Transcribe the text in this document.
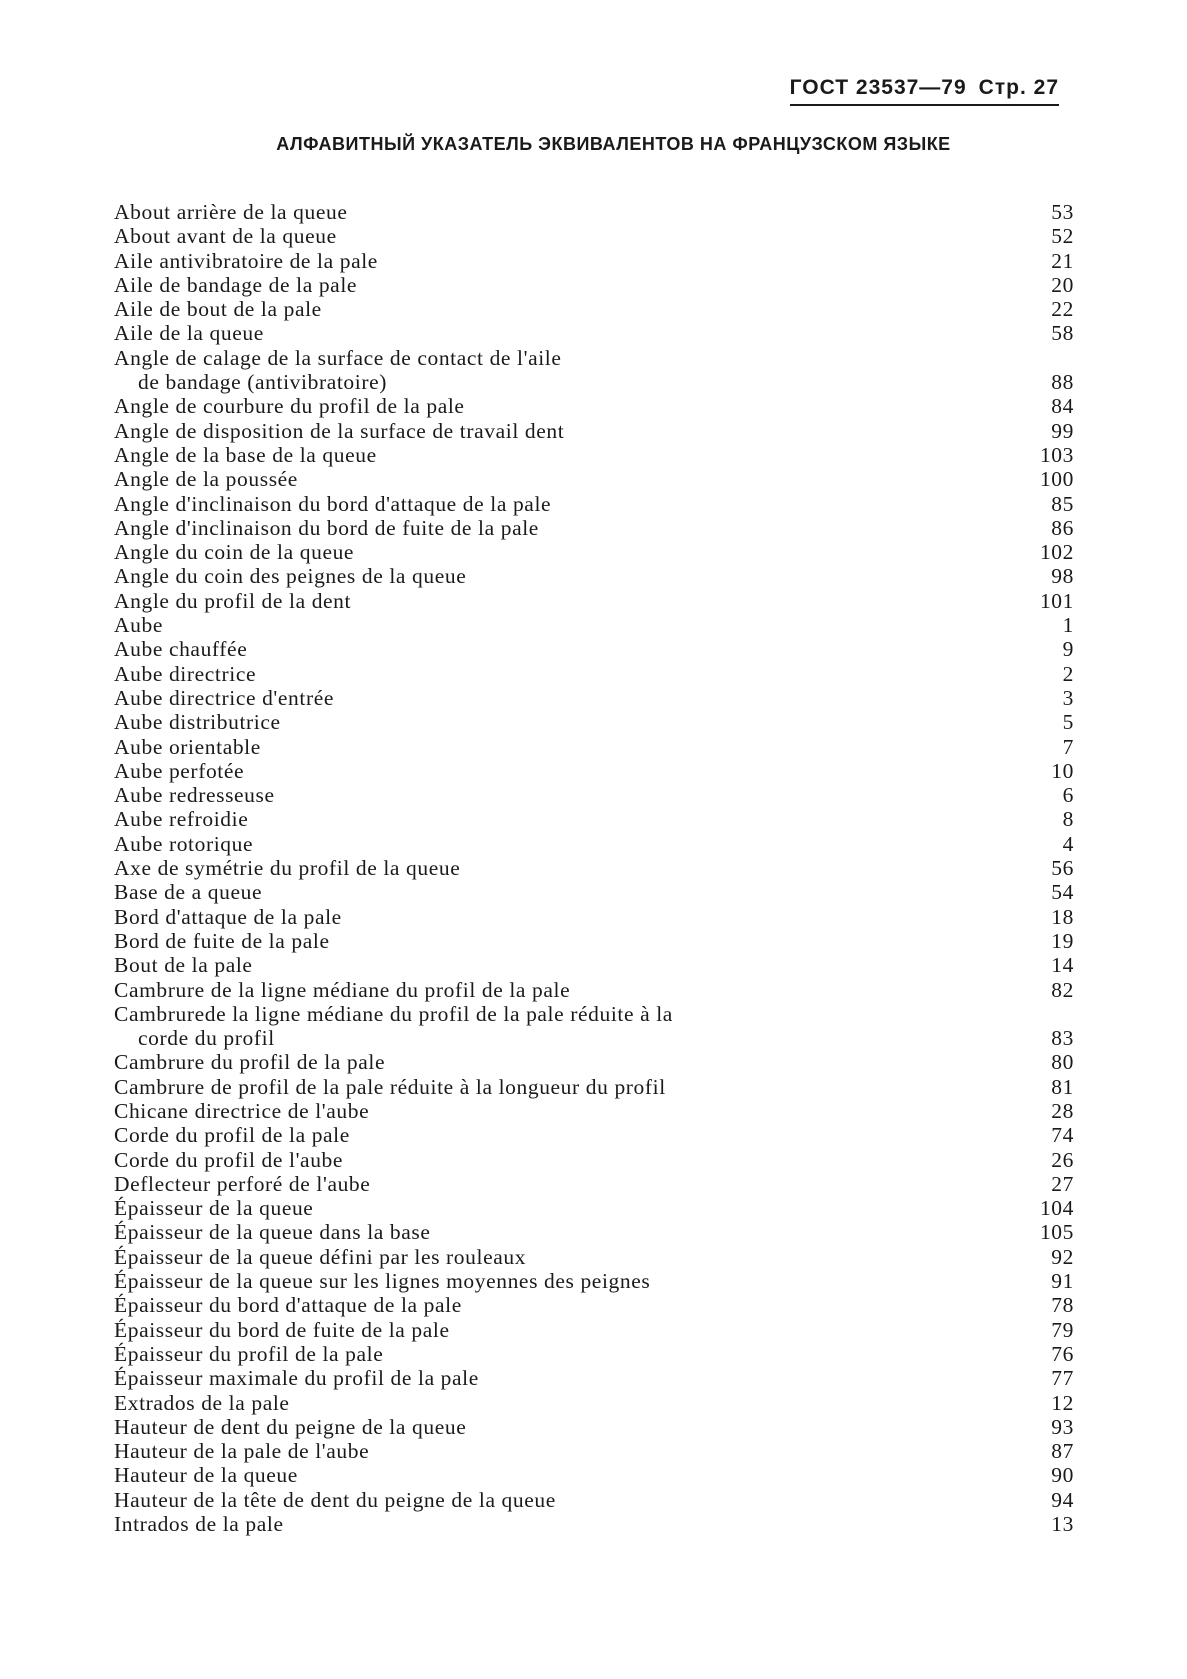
ГОСТ 23537—79 Стр. 27
АЛФАВИТНЫЙ УКАЗАТЕЛЬ ЭКВИВАЛЕНТОВ НА ФРАНЦУЗСКОМ ЯЗЫКЕ
About arrière de la queue	53
About avant de la queue	52
Aile antivibratoire de la pale	21
Aile de bandage de la pale	20
Aile de bout de la pale	22
Aile de la queue	58
Angle de calage de la surface de contact de l'aile
de bandage (antivibratoire)	88
Angle de courbure du profil de la pale	84
Angle de disposition de la surface de travail dent	99
Angle de la base de la queue	103
Angle de la poussée	100
Angle d'inclinaison du bord d'attaque de la pale	85
Angle d'inclinaison du bord de fuite de la pale	86
Angle du coin de la queue	102
Angle du coin des peignes de la queue	98
Angle du profil de la dent	101
Aube	1
Aube chauffée	9
Aube directrice	2
Aube directrice d'entrée	3
Aube distributrice	5
Aube orientable	7
Aube perfotée	10
Aube redresseuse	6
Aube refroidie	8
Aube rotorique	4
Axe de symétrie du profil de la queue	56
Base de a queue	54
Bord d'attaque de la pale	18
Bord de fuite de la pale	19
Bout de la pale	14
Cambrure de la ligne médiane du profil de la pale	82
Cambrurede la ligne médiane du profil de la pale réduite à la
corde du profil	83
Cambrure du profil de la pale	80
Cambrure de profil de la pale réduite à la longueur du profil	81
Chicane directrice de l'aube	28
Corde du profil de la pale	74
Corde du profil de l'aube	26
Deflecteur perforé de l'aube	27
Épaisseur de la queue	104
Épaisseur de la queue dans la base	105
Épaisseur de la queue défini par les rouleaux	92
Épaisseur de la queue sur les lignes moyennes des peignes	91
Épaisseur du bord d'attaque de la pale	78
Épaisseur du bord de fuite de la pale	79
Épaisseur du profil de la pale	76
Épaisseur maximale du profil de la pale	77
Extrados de la pale	12
Hauteur de dent du peigne de la queue	93
Hauteur de la pale de l'aube	87
Hauteur de la queue	90
Hauteur de la tête de dent du peigne de la queue	94
Intrados de la pale	13
